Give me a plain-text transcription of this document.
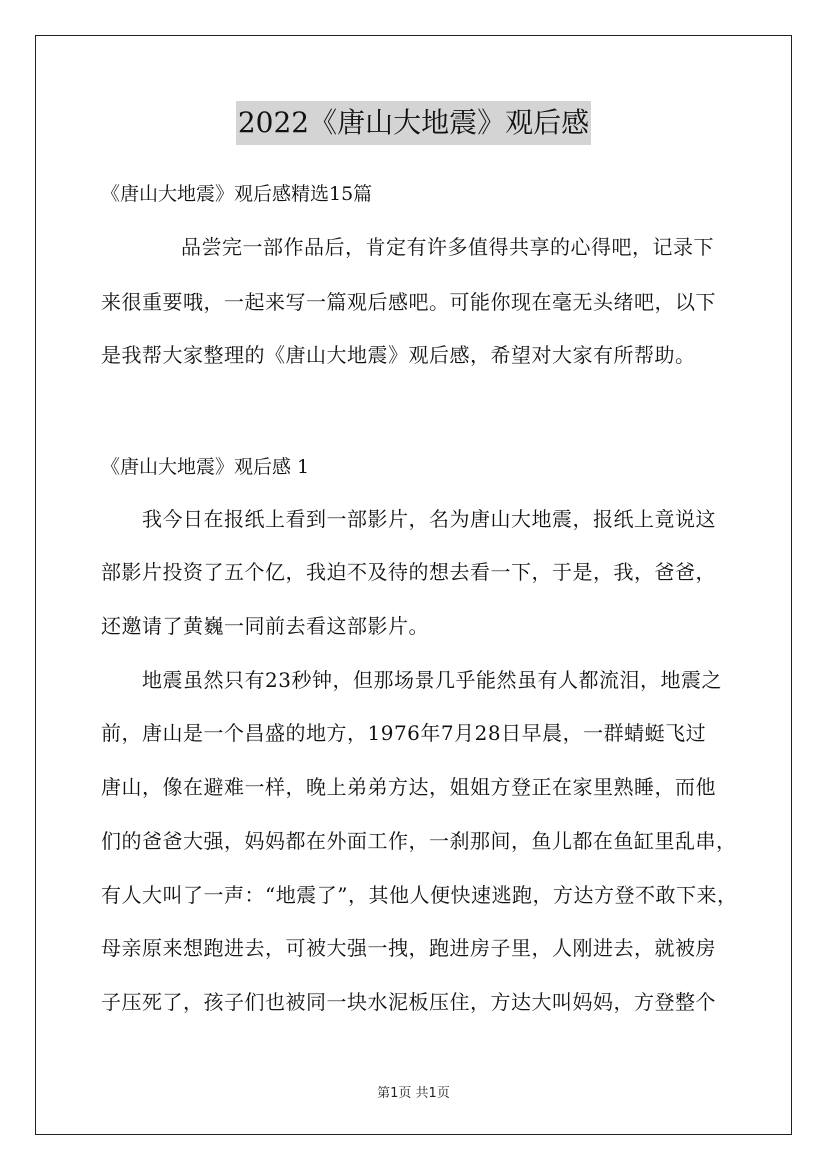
2022《唐山大地震》观后感
《唐山大地震》观后感精选15篇
品尝完一部作品后，肯定有许多值得共享的心得吧，记录下
来很重要哦，一起来写一篇观后感吧。可能你现在毫无头绪吧，以下
是我帮大家整理的《唐山大地震》观后感，希望对大家有所帮助。
《唐山大地震》观后感 1
我今日在报纸上看到一部影片，名为唐山大地震，报纸上竟说这
部影片投资了五个亿，我迫不及待的想去看一下，于是，我，爸爸，
还邀请了黄巍一同前去看这部影片。
地震虽然只有23秒钟，但那场景几乎能然虽有人都流泪，地震之
前，唐山是一个昌盛的地方，1976年7月28日早晨，一群蜻蜓飞过
唐山，像在避难一样，晚上弟弟方达，姐姐方登正在家里熟睡，而他
们的爸爸大强，妈妈都在外面工作，一刹那间，鱼儿都在鱼缸里乱串，
有人大叫了一声：“地震了”，其他人便快速逃跑，方达方登不敢下来，
母亲原来想跑进去，可被大强一拽，跑进房子里，人刚进去，就被房
子压死了，孩子们也被同一块水泥板压住，方达大叫妈妈，方登整个
第1页 共1页
